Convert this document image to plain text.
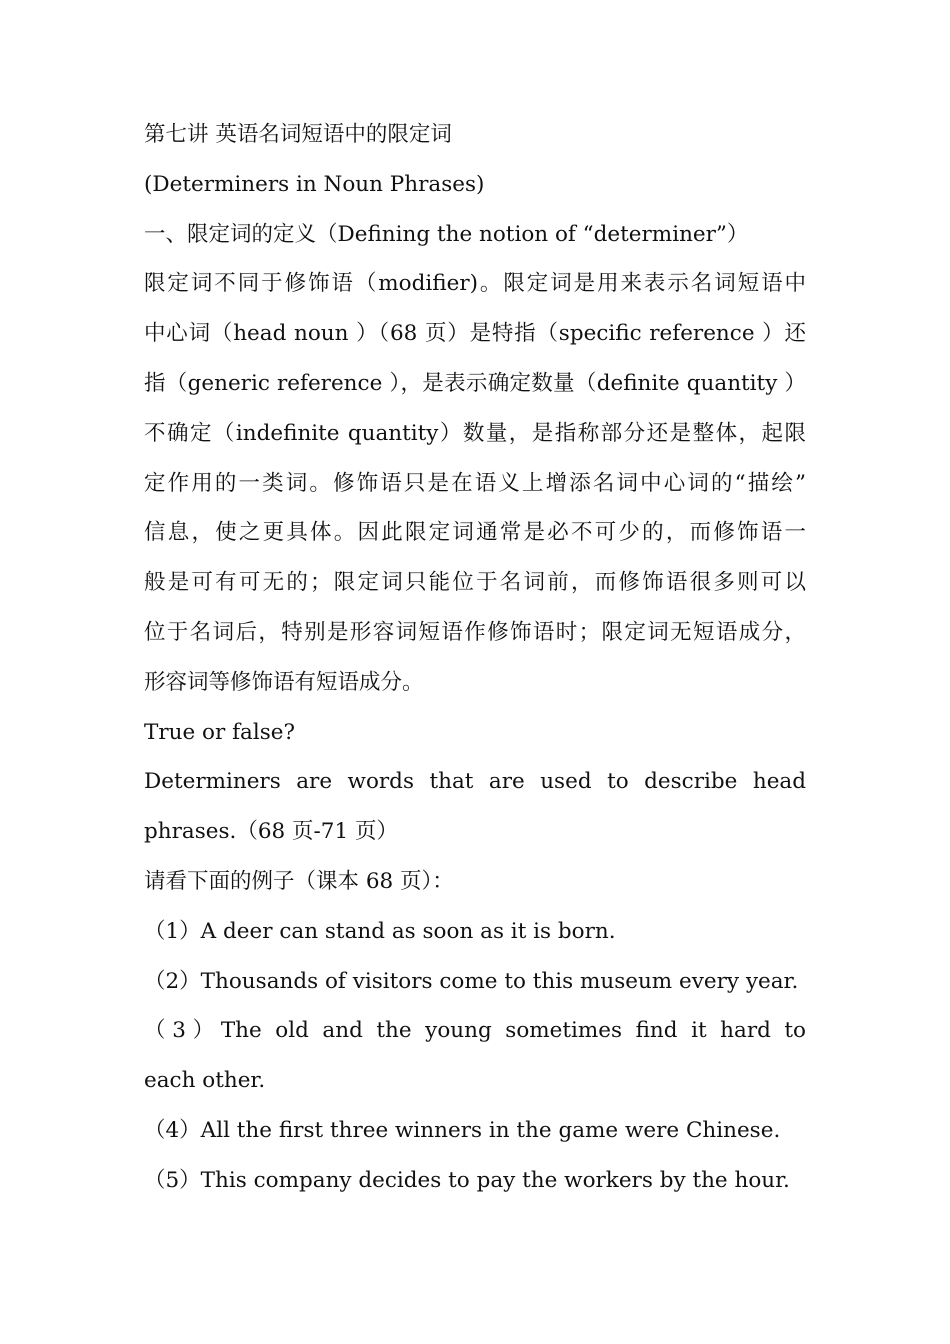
第七讲 英语名词短语中的限定词
(Determiners in Noun Phrases)
一、限定词的定义（Defining the notion of “determiner”）
限定词不同于修饰语（modifier)。限定词是用来表示名词短语中
中心词（head noun ）（68 页）是特指（specific reference ）还
指（generic reference ），是表示确定数量（definite quantity ）
不确定（indefinite quantity）数量，是指称部分还是整体，起限
定作用的一类词。修饰语只是在语义上增添名词中心词的“描绘”
信息，使之更具体。因此限定词通常是必不可少的，而修饰语一
般是可有可无的；限定词只能位于名词前，而修饰语很多则可以
位于名词后，特别是形容词短语作修饰语时；限定词无短语成分，
形容词等修饰语有短语成分。
True or false?
Determiners are words that are used to describe head
phrases.（68 页-71 页）
请看下面的例子（课本 68 页）：
（1）A deer can stand as soon as it is born.
（2）Thousands of visitors come to this museum every year.
（3）The old and the young sometimes find it hard to
each other.
（4）All the first three winners in the game were Chinese.
（5）This company decides to pay the workers by the hour.
